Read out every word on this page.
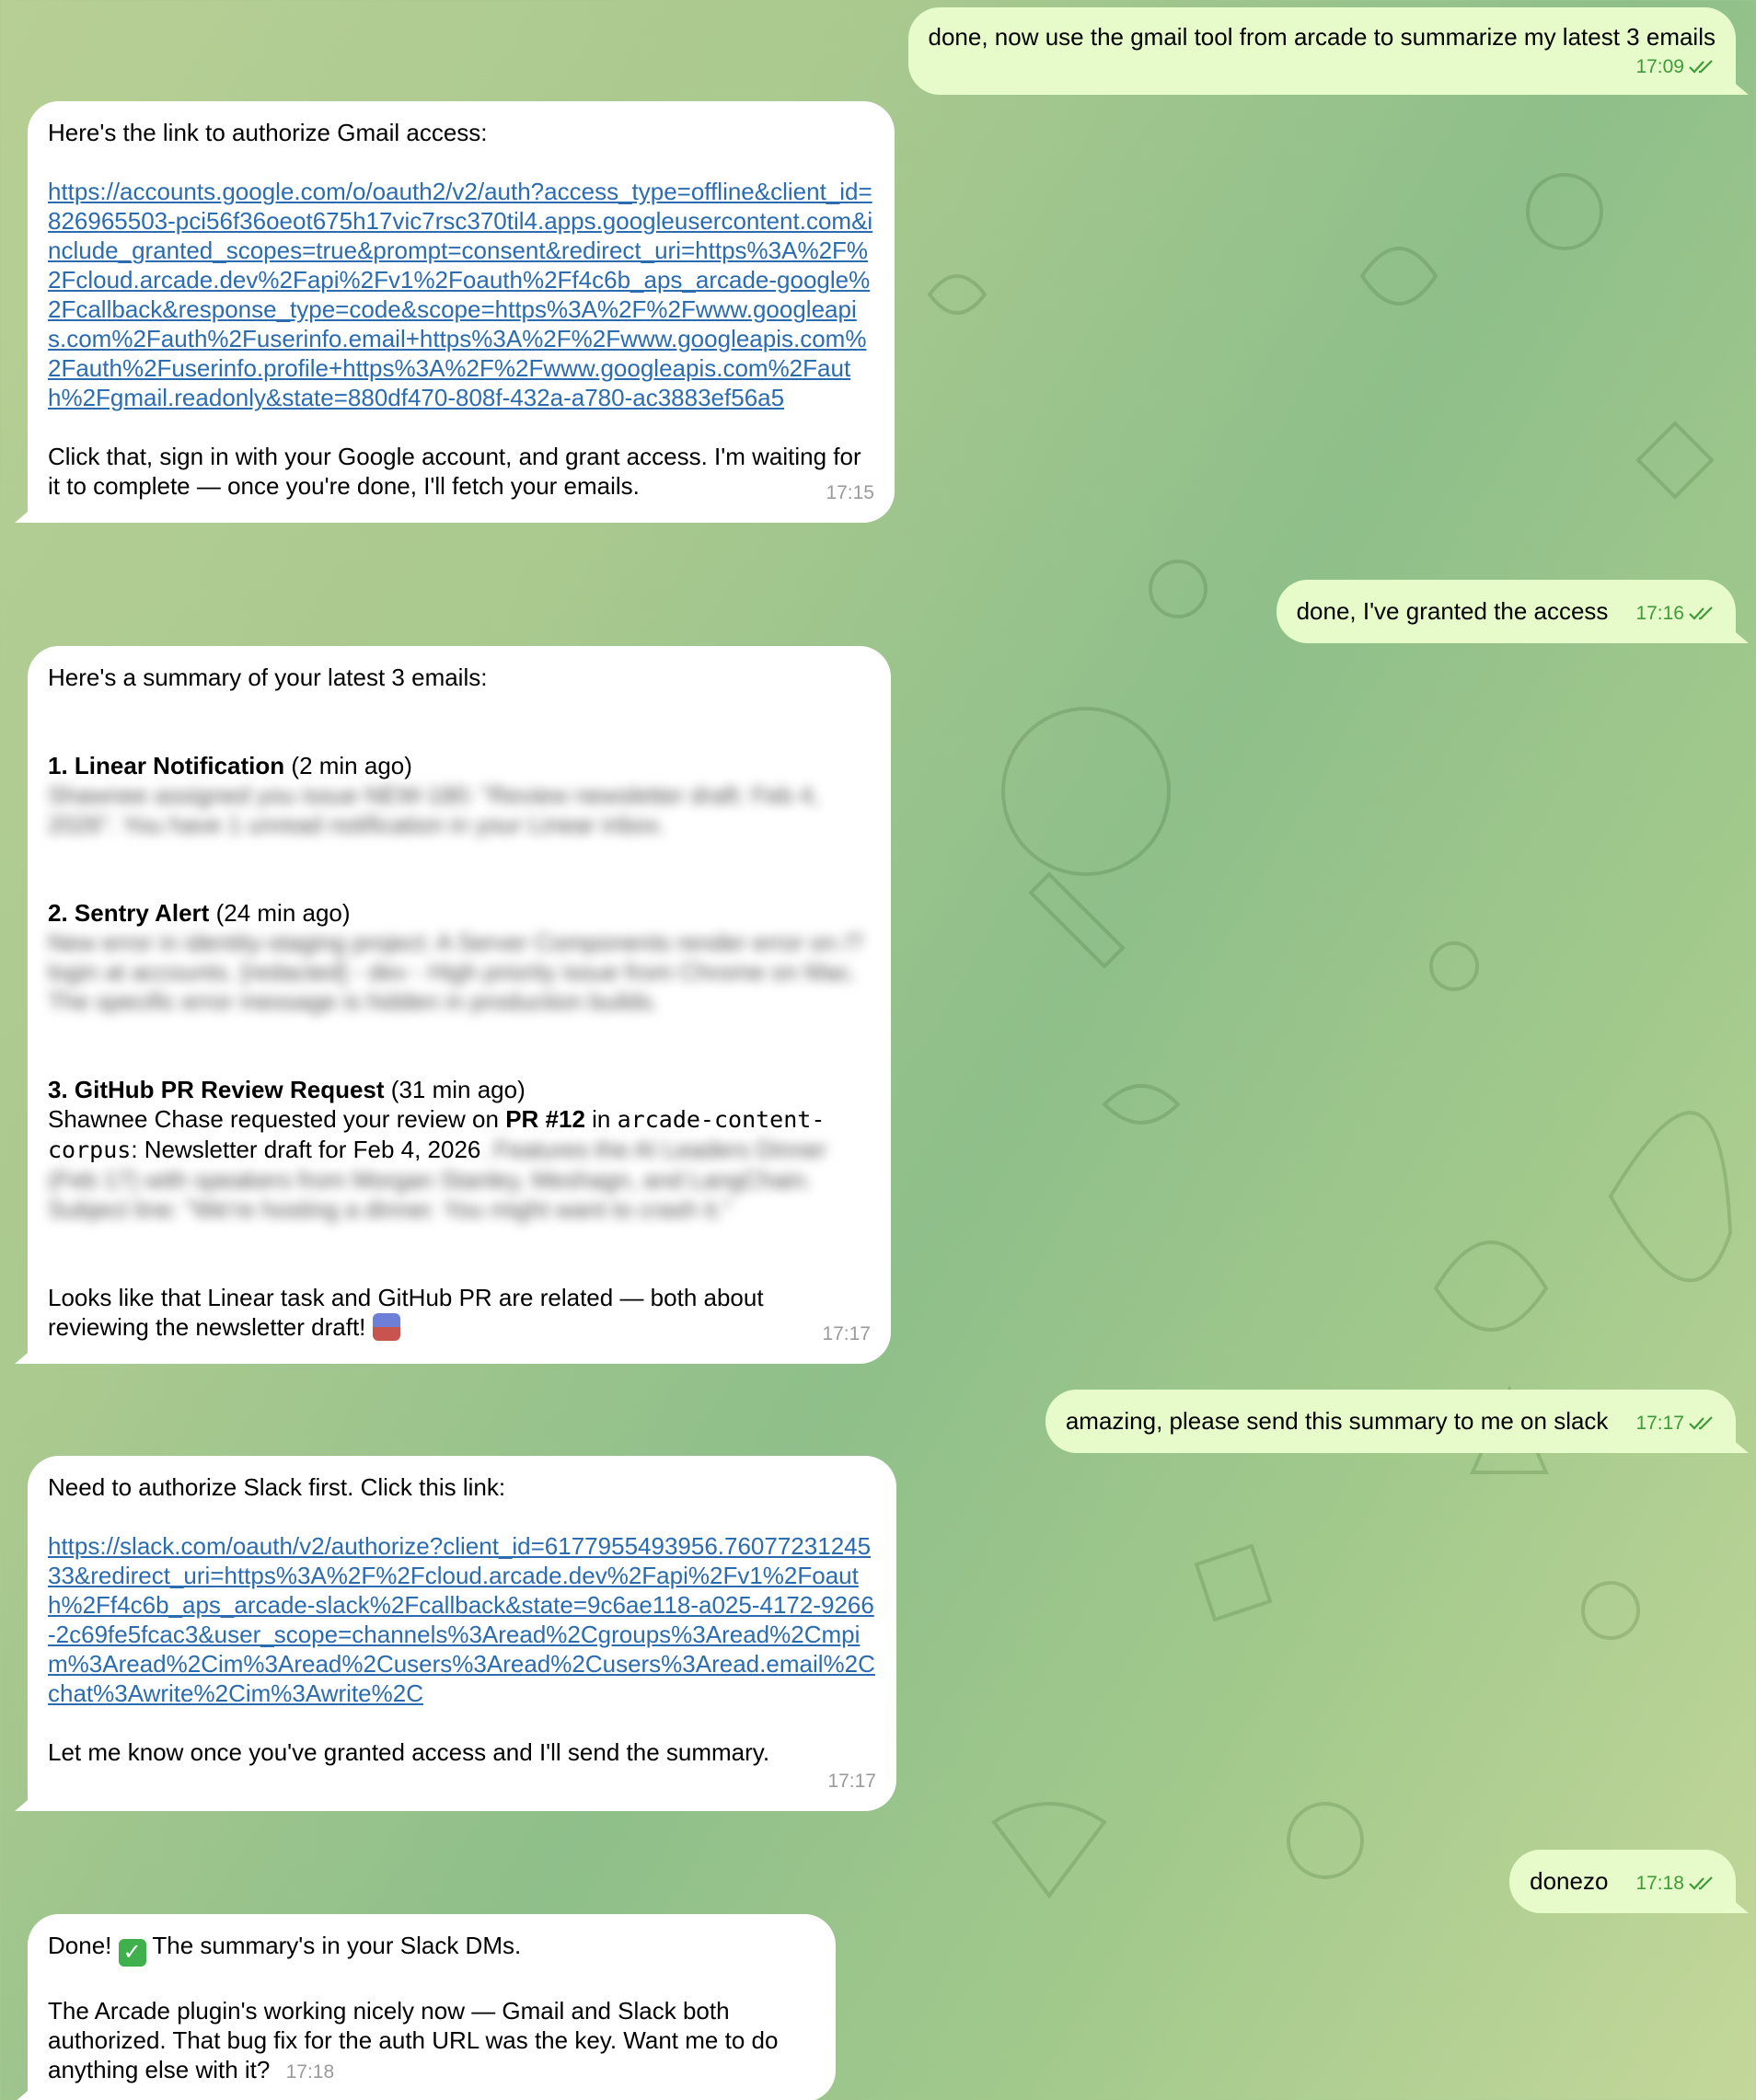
done, now use the gmail tool from arcade to summarize my latest 3 emails
17:09
Here's the link to authorize Gmail access:
https://accounts.google.com/o/oauth2/v2/auth?access_type=offline&client_id=826965503-pci56f36oeot675h17vic7rsc370til4.apps.googleusercontent.com&include_granted_scopes=true&prompt=consent&redirect_uri=https%3A%2F%2Fcloud.arcade.dev%2Fapi%2Fv1%2Foauth%2Ff4c6b_aps_arcade-google%2Fcallback&response_type=code&scope=https%3A%2F%2Fwww.googleapis.com%2Fauth%2Fuserinfo.email+https%3A%2F%2Fwww.googleapis.com%2Fauth%2Fuserinfo.profile+https%3A%2F%2Fwww.googleapis.com%2Fauth%2Fgmail.readonly&state=880df470-808f-432a-a780-ac3883ef56a5
Click that, sign in with your Google account, and grant access. I'm waiting for it to complete — once you're done, I'll fetch your emails.	17:15
done, I've granted the access 17:16
Here's a summary of your latest 3 emails:
1. Linear Notification (2 min ago)
Shawnee assigned you issue NEW-180: "Review newsletter draft: Feb 4, 2026". You have 1 unread notification in your Linear inbox.
2. Sentry Alert (24 min ago)
New error in identity-staging project: A Server Components render error on /?login at accounts. [redacted] - dev - High priority issue from Chrome on Mac. The specific error message is hidden in production builds.
3. GitHub PR Review Request (31 min ago)
Shawnee Chase requested your review on PR #12 in arcade-content-corpus: Newsletter draft for Feb 4, 2026. Features the AI Leaders Dinner (Feb 17) with speakers from Morgan Stanley, Meshagn, and LangChain. Subject line: "We're hosting a dinner. You might want to crash it."
Looks like that Linear task and GitHub PR are related — both about reviewing the newsletter draft!	17:17
amazing, please send this summary to me on slack 17:17
Need to authorize Slack first. Click this link:
https://slack.com/oauth/v2/authorize?client_id=6177955493956.7607723124533&redirect_uri=https%3A%2F%2Fcloud.arcade.dev%2Fapi%2Fv1%2Foauth%2Ff4c6b_aps_arcade-slack%2Fcallback&state=9c6ae118-a025-4172-9266-2c69fe5fcac3&user_scope=channels%3Aread%2Cgroups%3Aread%2Cmpim%3Aread%2Cim%3Aread%2Cusers%3Aread%2Cusers%3Aread.email%2Cchat%3Awrite%2Cim%3Awrite%2C
Let me know once you've granted access and I'll send the summary.
17:17
donezo 17:18
Done! ✓ The summary's in your Slack DMs.
The Arcade plugin's working nicely now — Gmail and Slack both authorized. That bug fix for the auth URL was the key. Want me to do anything else with it? 17:18
